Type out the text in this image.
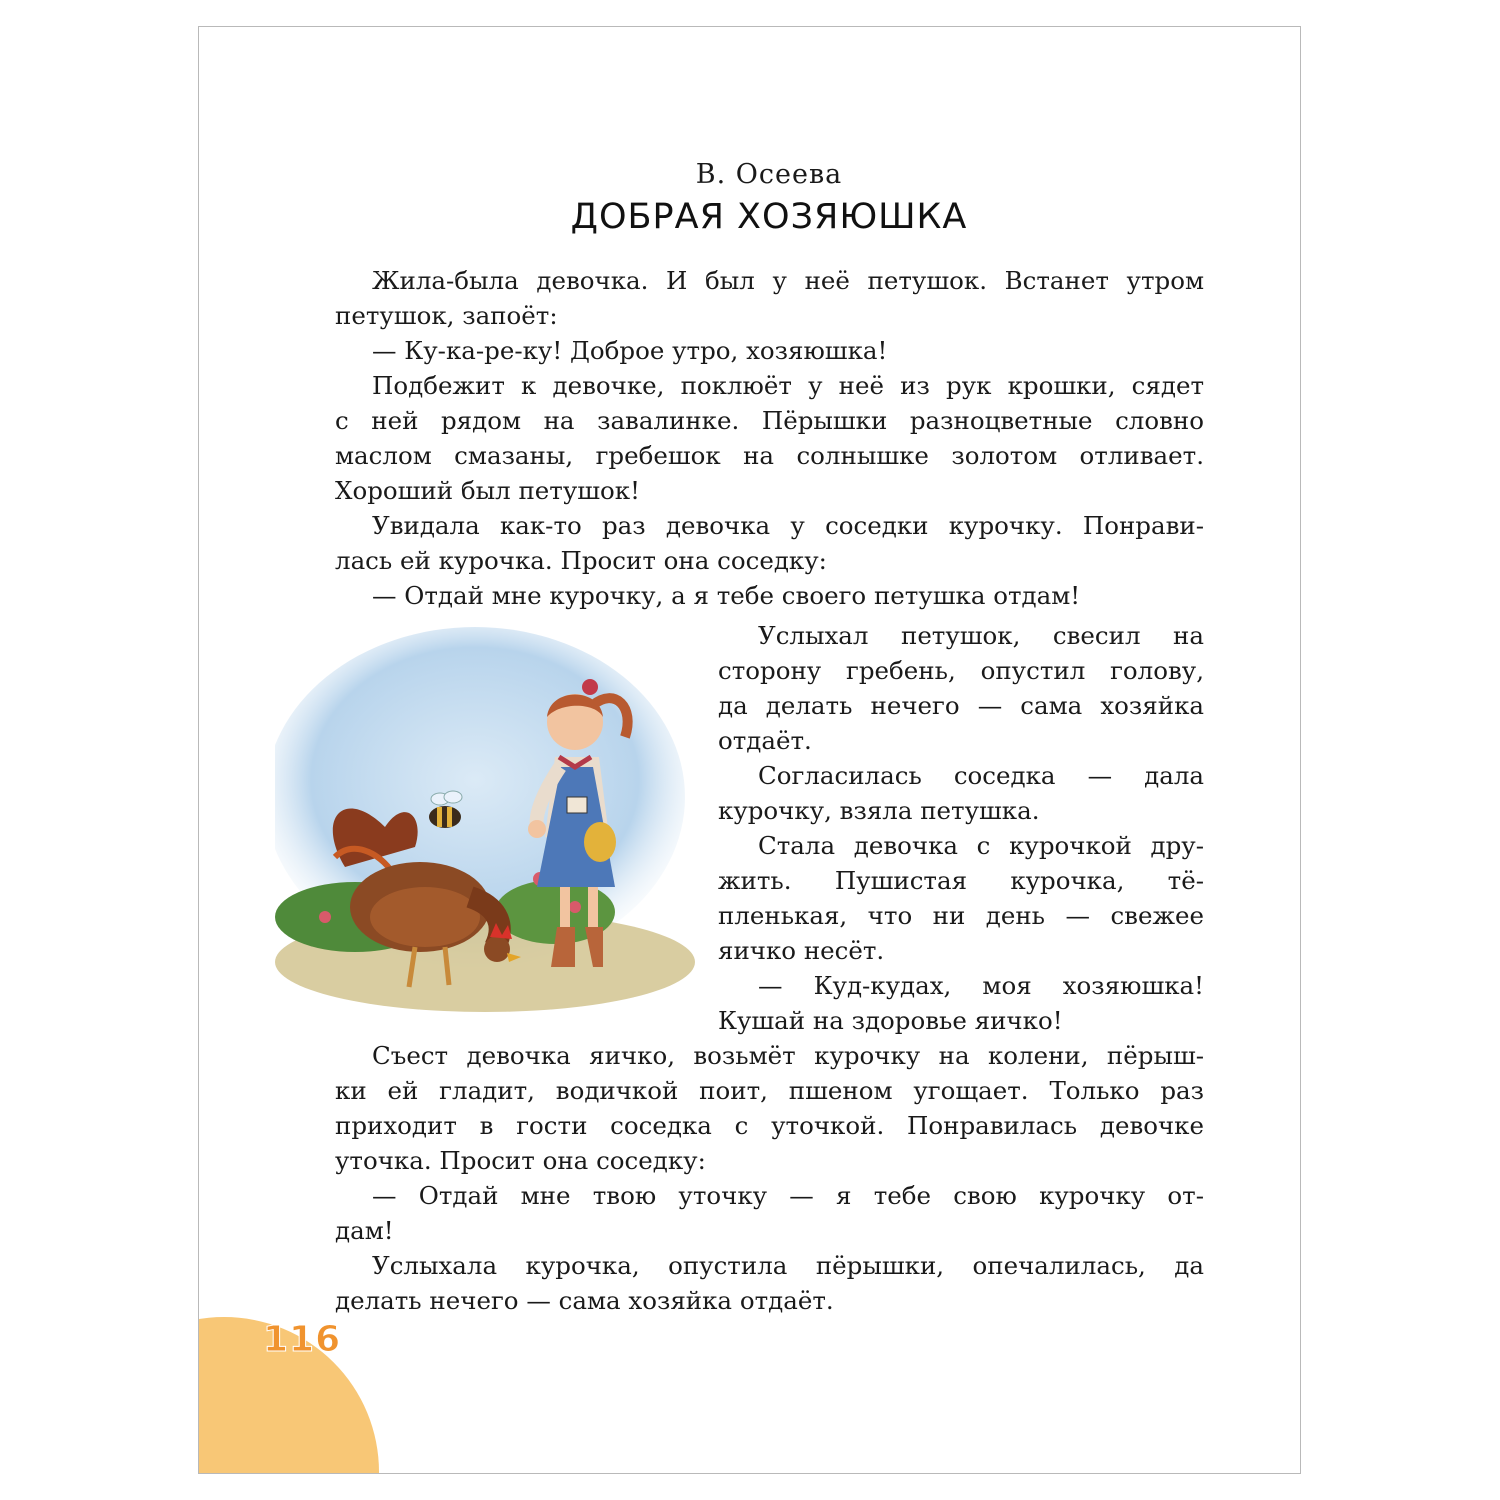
116
В. Осеева
ДОБРАЯ ХОЗЯЮШКА
Жила-была девочка. И был у неё петушок. Встанет утром
петушок, запоёт:
— Ку-ка-ре-ку! Доброе утро, хозяюшка!
Подбежит к девочке, поклюёт у неё из рук крошки, сядет
с ней рядом на завалинке. Пёрышки разноцветные словно
маслом смазаны, гребешок на солнышке золотом отливает.
Хороший был петушок!
Увидала как-то раз девочка у соседки курочку. Понрави-
лась ей курочка. Просит она соседку:
— Отдай мне курочку, а я тебе своего петушка отдам!
Услыхал петушок, свесил на
сторону гребень, опустил голову,
да делать нечего — сама хозяйка
отдаёт.
Согласилась соседка — дала
курочку, взяла петушка.
Стала девочка с курочкой дру-
жить. Пушистая курочка, тё-
пленькая, что ни день — свежее
яичко несёт.
— Куд-кудах, моя хозяюшка!
Кушай на здоровье яичко!
Съест девочка яичко, возьмёт курочку на колени, пёрыш-
ки ей гладит, водичкой поит, пшеном угощает. Только раз
приходит в гости соседка с уточкой. Понравилась девочке
уточка. Просит она соседку:
— Отдай мне твою уточку — я тебе свою курочку от-
дам!
Услыхала курочка, опустила пёрышки, опечалилась, да
делать нечего — сама хозяйка отдаёт.
